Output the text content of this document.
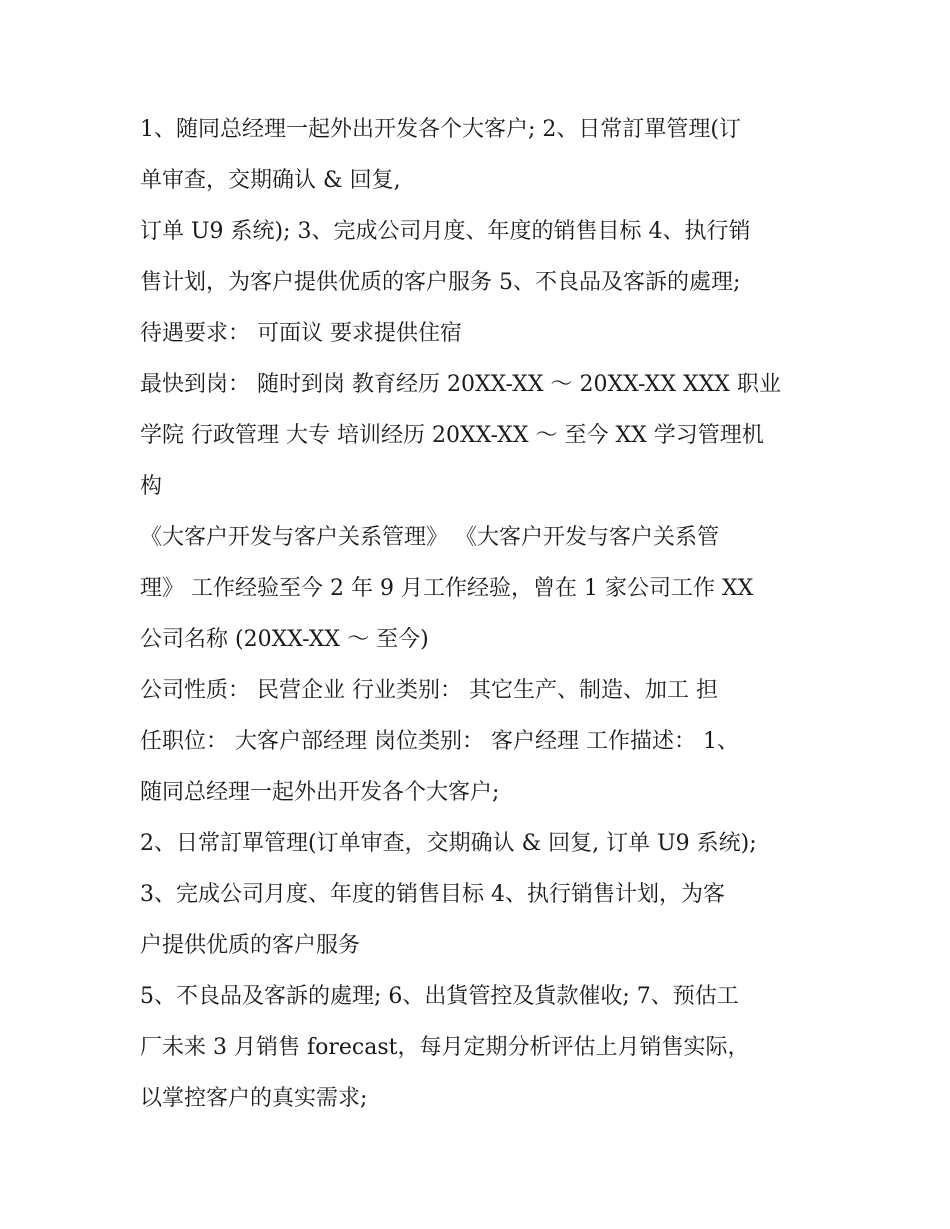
1、随同总经理一起外出开发各个大客户; 2、日常訂單管理(订
单审查，交期确认 & 回复,
订单 U9 系统); 3、完成公司月度、年度的销售目标 4、执行销
售计划，为客户提供优质的客户服务 5、不良品及客訴的處理;
待遇要求： 可面议 要求提供住宿
最快到岗： 随时到岗 教育经历 20XX-XX ～ 20XX-XX XXX 职业
学院 行政管理 大专 培训经历 20XX-XX ～ 至今 XX 学习管理机
构
《大客户开发与客户关系管理》 《大客户开发与客户关系管
理》 工作经验至今 2 年 9 月工作经验，曾在 1 家公司工作 XX
公司名称 (20XX-XX ～ 至今)
公司性质： 民营企业 行业类别： 其它生产、制造、加工 担
任职位： 大客户部经理 岗位类别： 客户经理 工作描述： 1、
随同总经理一起外出开发各个大客户;
2、日常訂單管理(订单审查，交期确认 & 回复, 订单 U9 系统);
3、完成公司月度、年度的销售目标 4、执行销售计划，为客
户提供优质的客户服务
5、不良品及客訴的處理; 6、出貨管控及貨款催收; 7、预估工
厂未来 3 月销售 forecast，每月定期分析评估上月销售实际，
以掌控客户的真实需求;
